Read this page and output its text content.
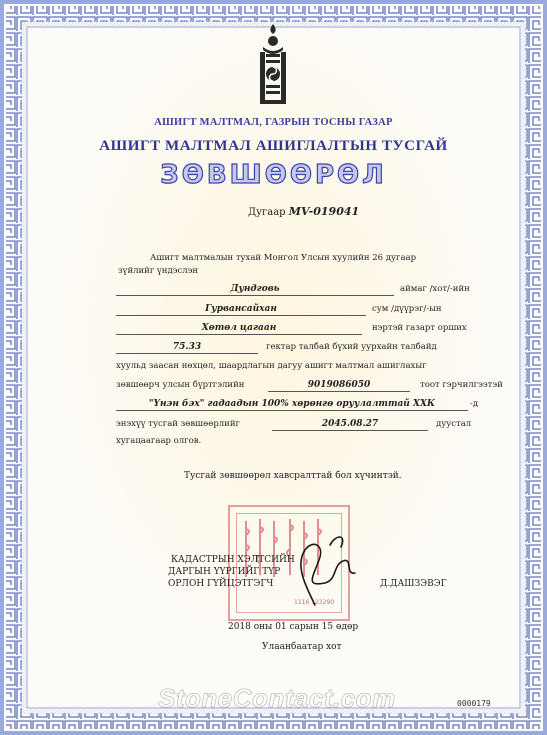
АШИГТ МАЛТМАЛ, ГАЗРЫН ТОСНЫ ГАЗАР
АШИГТ МАЛТМАЛ АШИГЛАЛТЫН ТУСГАЙ
ЗӨВШӨӨРӨЛ
Дугаар MV-019041
Ашигт малтмалын тухай Монгол Улсын хуулийн 26 дугаар
зүйлийг үндэслэн
Дундговь	аймаг /хот/-ийн
Гурвансайхан	сум /дүүрэг/-ын
Хөтөл цагаан	нэртэй газарт орших
75.33	гектар талбай бүхий уурхайн талбайд
хуульд заасан нөхцөл, шаардлагын дагуу ашигт малтмал ашиглахыг
зөвшөөрч улсын бүртгэлийн	9019086050	тоот гэрчилгээтэй
"Үнэн бэх" гадаадын 100% хөрөнгө оруулалттай ХХК	-д
энэхүү тусгай зөвшөөрлийг	2045.08.27	дуустал
хугацаагаар олгов.
Тусгай зөвшөөрөл хавсралттай бол хүчинтэй.
1116 123290
КАДАСТРЫН ХЭЛТСИЙН
ДАРГЫН ҮҮРГИЙГ ТҮР
ОРЛОН ГҮЙЦЭТГЭГЧ	Д.ДАШЗЭВЭГ
2018 оны 01 сарын 15 өдөр
Улаанбаатар хот
StoneContact.com	0000179
